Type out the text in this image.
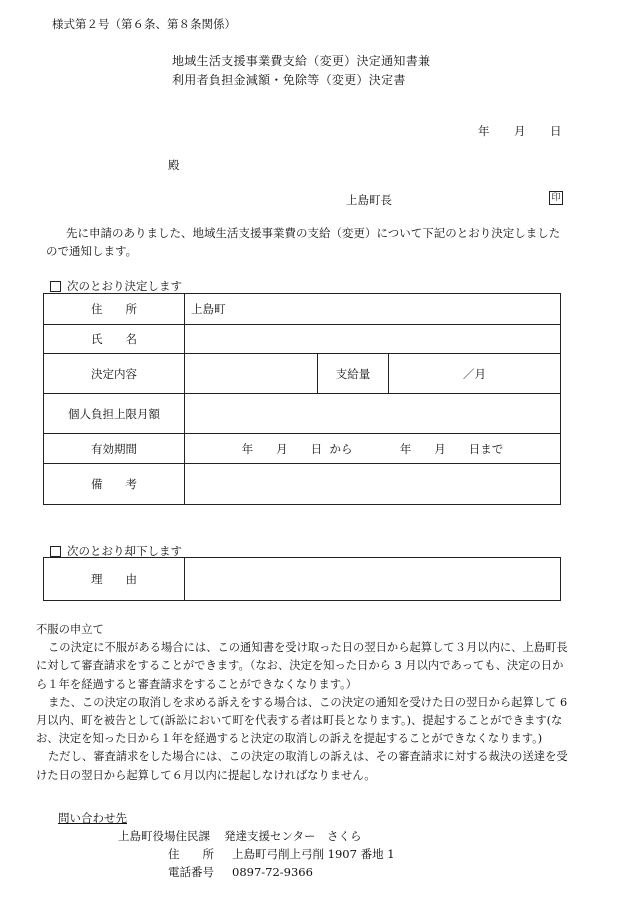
様式第２号（第６条、第８条関係）
地域生活支援事業費支給（変更）決定通知書兼
利用者負担金減額・免除等（変更）決定書
年 月 日
殿
上島町長	印

先に申請のありました、地域生活支援事業費の支給（変更）について下記のとおり決定しましたので通知します。

次のとおり決定します
住　　所	上島町		
氏　　名			
決定内容		支給量	／月
個人負担上限月額			
有効期間	年　　月　　日  から 年　　月　　日まで		
備　　考			
次のとおり却下します
理　　由	
不服の申立て

この決定に不服がある場合には、この通知書を受け取った日の翌日から起算して３月以内に、上島町長に対して審査請求をすることができます。（なお、決定を知った日から 3 月以内であっても、決定の日から１年を経過すると審査請求をすることができなくなります。）

また、この決定の取消しを求める訴えをする場合は、この決定の通知を受けた日の翌日から起算して 6 月以内、町を被告として(訴訟において町を代表する者は町長となります。)、提起することができます(なお、決定を知った日から１年を経過すると決定の取消しの訴えを提起することができなくなります。)

ただし、審査請求をした場合には、この決定の取消しの訴えは、その審査請求に対する裁決の送達を受けた日の翌日から起算して６月以内に提起しなければなりません。

問い合わせ先
上島町役場住民課 発達支援センター　さくら
住　　所 上島町弓削上弓削 1907 番地 1
電話番号 0897-72-9366
